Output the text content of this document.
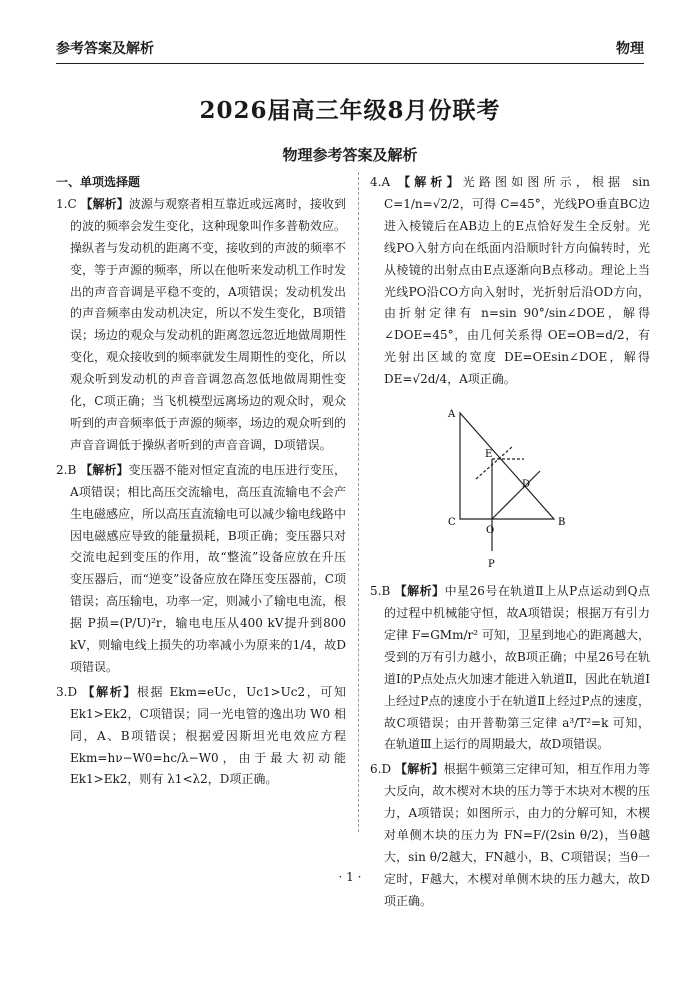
参考答案及解析	物理
2026届高三年级8月份联考
物理参考答案及解析
一、单项选择题

1.C 【解析】波源与观察者相互靠近或远离时，接收到的波的频率会发生变化，这种现象叫作多普勒效应。操纵者与发动机的距离不变，接收到的声波的频率不变，等于声源的频率，所以在他听来发动机工作时发出的声音音调是平稳不变的，A项错误；发动机发出的声音频率由发动机决定，所以不发生变化，B项错误；场边的观众与发动机的距离忽远忽近地做周期性变化，观众接收到的频率就发生周期性的变化，所以观众听到发动机的声音音调忽高忽低地做周期性变化，C项正确；当飞机模型远离场边的观众时，观众听到的声音频率低于声源的频率，场边的观众听到的声音音调低于操纵者听到的声音音调，D项错误。

2.B 【解析】变压器不能对恒定直流的电压进行变压，A项错误；相比高压交流输电，高压直流输电不会产生电磁感应，所以高压直流输电可以减少输电线路中因电磁感应导致的能量损耗，B项正确；变压器只对交流电起到变压的作用，故“整流”设备应放在升压变压器后，而“逆变”设备应放在降压变压器前，C项错误；高压输电，功率一定，则减小了输电电流，根据 P损=(P/U)²r，输电电压从400 kV提升到800 kV，则输电线上损失的功率减小为原来的1/4，故D项错误。

3.D 【解析】根据 Ekm=eUc，Uc1>Uc2，可知 Ek1>Ek2，C项错误；同一光电管的逸出功 W0 相同，A、B项错误；根据爱因斯坦光电效应方程 Ekm=hν−W0=hc/λ−W0，由于最大初动能 Ek1>Ek2，则有 λ1<λ2，D项正确。

4.A 【解析】光路图如图所示，根据 sin C=1/n=√2/2，可得 C=45°，光线PO垂直BC边进入棱镜后在AB边上的E点恰好发生全反射。光线PO入射方向在纸面内沿顺时针方向偏转时，光从棱镜的出射点由E点逐渐向B点移动。理论上当光线PO沿CO方向入射时，光折射后沿OD方向，由折射定律有 n=sin 90°/sin∠DOE，解得∠DOE=45°，由几何关系得 OE=OB=d/2，有光射出区域的宽度 DE=OEsin∠DOE，解得 DE=√2d/4，A项正确。

A
C	B
D
E
O
P

5.B 【解析】中星26号在轨道Ⅱ上从P点运动到Q点的过程中机械能守恒，故A项错误；根据万有引力定律 F=GMm/r² 可知，卫星到地心的距离越大，受到的万有引力越小，故B项正确；中星26号在轨道Ⅰ的P点处点火加速才能进入轨道Ⅱ，因此在轨道Ⅰ上经过P点的速度小于在轨道Ⅱ上经过P点的速度，故C项错误；由开普勒第三定律 a³/T²=k 可知，在轨道Ⅲ上运行的周期最大，故D项错误。

6.D 【解析】根据牛顿第三定律可知，相互作用力等大反向，故木楔对木块的压力等于木块对木楔的压力，A项错误；如图所示，由力的分解可知，木楔对单侧木块的压力为 FN=F/(2sin θ/2)，当θ越大，sin θ/2越大，FN越小，B、C项错误；当θ一定时，F越大，木楔对单侧木块的压力越大，故D项正确。

· 1 ·
